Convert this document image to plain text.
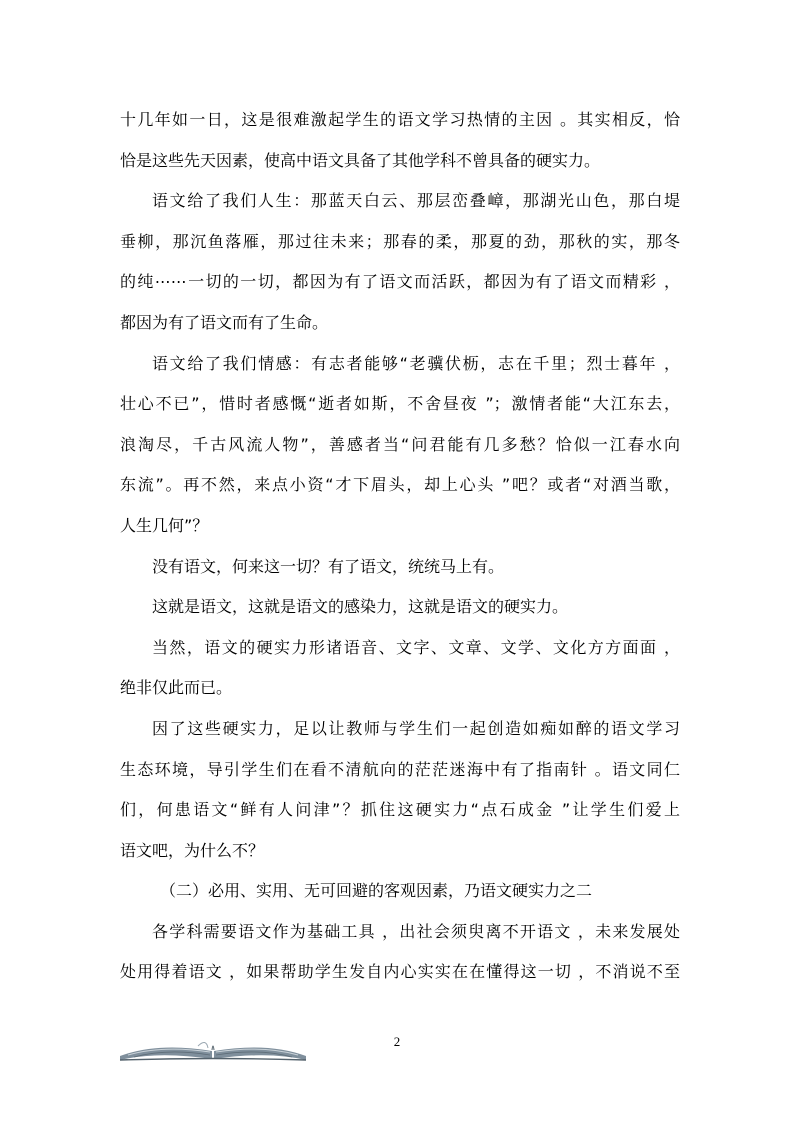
十几年如一日，这是很难激起学生的语文学习热情的主因 。其实相反，恰
恰是这些先天因素，使高中语文具备了其他学科不曾具备的硬实力。
语文给了我们人生：那蓝天白云、那层峦叠嶂，那湖光山色，那白堤
垂柳，那沉鱼落雁，那过往未来；那春的柔，那夏的劲，那秋的实，那冬
的纯⋯⋯一切的一切，都因为有了语文而活跃，都因为有了语文而精彩 ，
都因为有了语文而有了生命。
语文给了我们情感：有志者能够“老骥伏枥，志在千里；烈士暮年 ，
壮心不已”，惜时者感慨“逝者如斯，不舍昼夜 ”；激情者能“大江东去，
浪淘尽，千古风流人物”，善感者当“问君能有几多愁？恰似一江春水向
东流”。再不然，来点小资“才下眉头，却上心头 ”吧？或者“对酒当歌，
人生几何”？
没有语文，何来这一切？有了语文，统统马上有。
这就是语文，这就是语文的感染力，这就是语文的硬实力。
当然，语文的硬实力形诸语音、文字、文章、文学、文化方方面面 ，
绝非仅此而已。
因了这些硬实力，足以让教师与学生们一起创造如痴如醉的语文学习
生态环境，导引学生们在看不清航向的茫茫迷海中有了指南针 。语文同仁
们，何患语文“鲜有人问津”？抓住这硬实力“点石成金 ”让学生们爱上
语文吧，为什么不？
（二）必用、实用、无可回避的客观因素，乃语文硬实力之二
各学科需要语文作为基础工具 ，出社会须臾离不开语文 ，未来发展处
处用得着语文 ，如果帮助学生发自内心实实在在懂得这一切 ，不消说不至
2
